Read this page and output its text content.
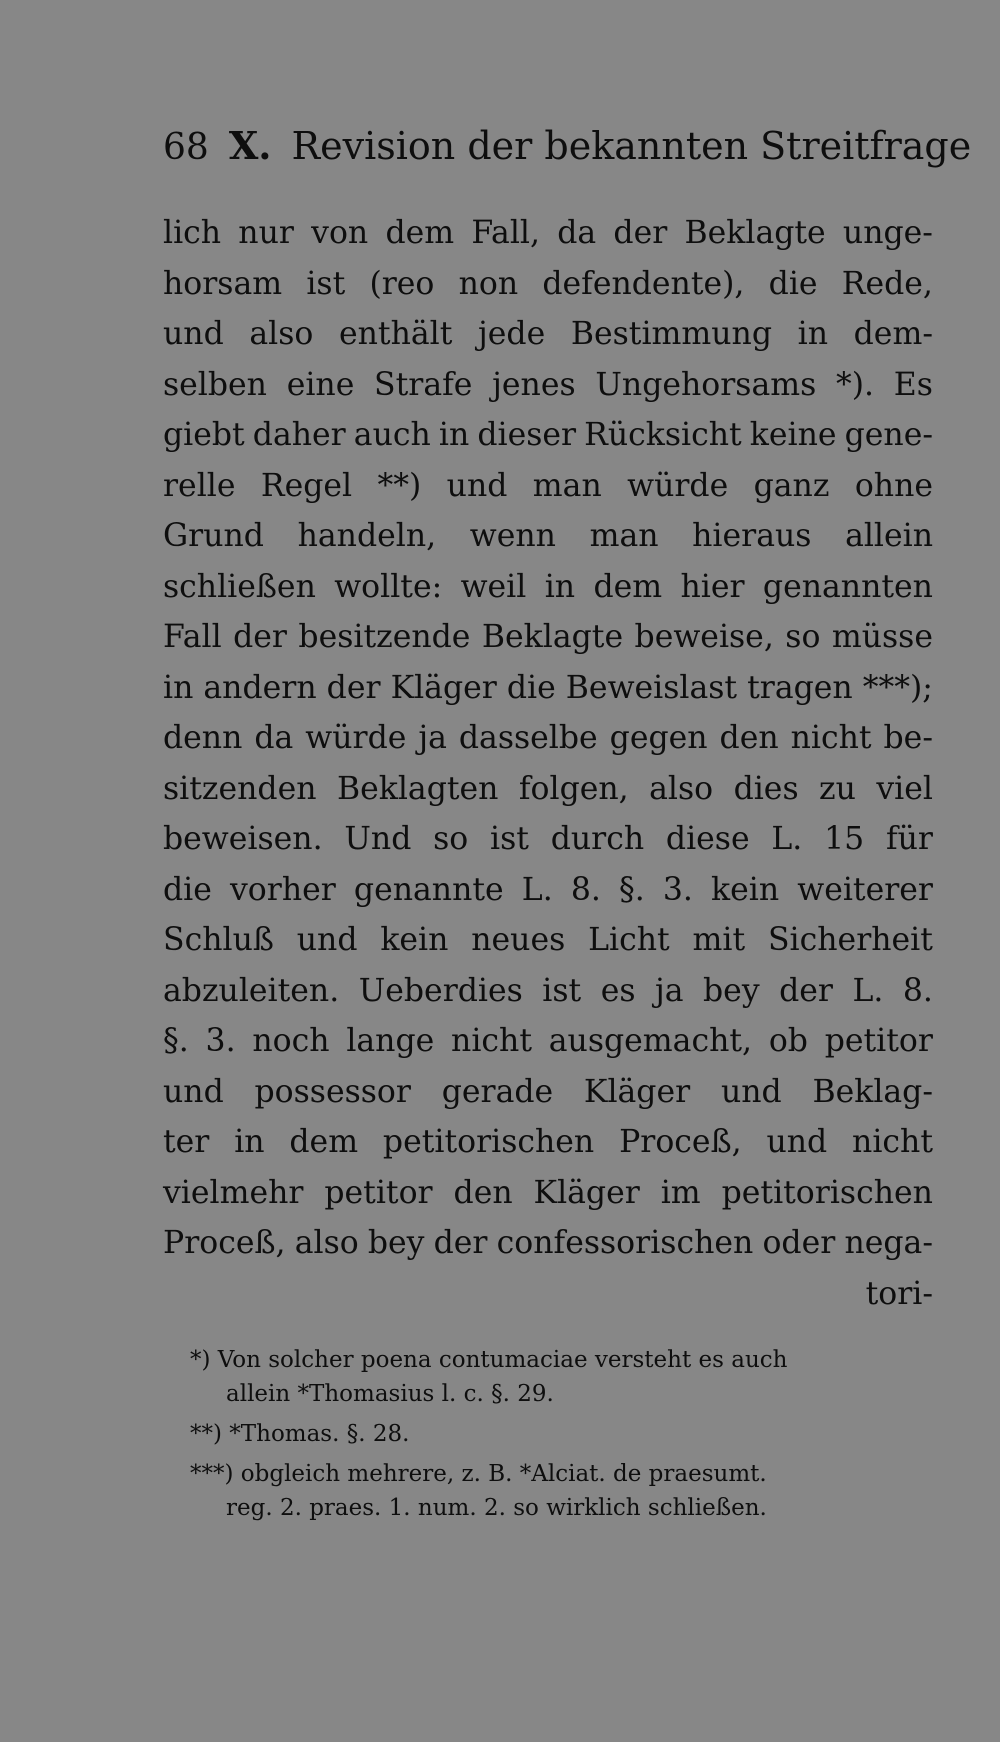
68 X. Revision der bekannten Streitfrage
lich nur von dem Fall, da der Beklagte unge-
horsam ist (reo non defendente), die Rede,
und also enthält jede Bestimmung in dem-
selben eine Strafe jenes Ungehorsams *). Es
giebt daher auch in dieser Rücksicht keine gene-
relle Regel **) und man würde ganz ohne
Grund handeln, wenn man hieraus allein
schließen wollte: weil in dem hier genannten
Fall der besitzende Beklagte beweise, so müsse
in andern der Kläger die Beweislast tragen ***);
denn da würde ja dasselbe gegen den nicht be-
sitzenden Beklagten folgen, also dies zu viel
beweisen. Und so ist durch diese L. 15 für
die vorher genannte L. 8. §. 3. kein weiterer
Schluß und kein neues Licht mit Sicherheit
abzuleiten. Ueberdies ist es ja bey der L. 8.
§. 3. noch lange nicht ausgemacht, ob petitor
und possessor gerade Kläger und Beklag-
ter in dem petitorischen Proceß, und nicht
vielmehr petitor den Kläger im petitorischen
Proceß, also bey der confessorischen oder nega-
tori-
*) Von solcher poena contumaciae versteht es auch
allein *Thomasius l. c. §. 29.
**) *Thomas. §. 28.
***) obgleich mehrere, z. B. *Alciat. de praesumt.
reg. 2. praes. 1. num. 2. so wirklich schließen.
